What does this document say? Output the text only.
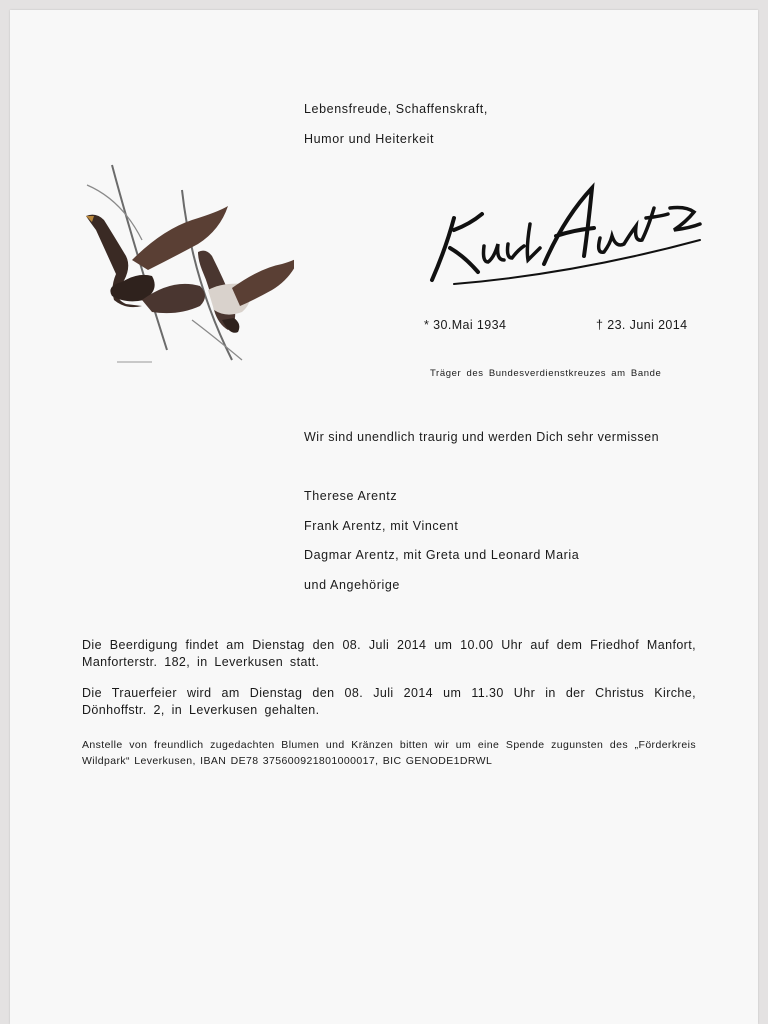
Lebensfreude, Schaffenskraft,
Humor und Heiterkeit
* 30.Mai 1934	† 23. Juni 2014
Träger des Bundesverdienstkreuzes am Bande
Wir sind unendlich traurig und werden Dich sehr vermissen
Therese Arentz
Frank Arentz, mit Vincent
Dagmar Arentz, mit Greta und Leonard Maria
und Angehörige
Die Beerdigung findet am Dienstag den 08. Juli 2014 um 10.00 Uhr auf dem Friedhof Manfort, Manforterstr. 182, in Leverkusen statt.
Die Trauerfeier wird am Dienstag den 08. Juli 2014 um 11.30 Uhr in der Christus Kirche, Dönhoffstr. 2, in Leverkusen gehalten.
Anstelle von freundlich zugedachten Blumen und Kränzen bitten wir um eine Spende zugunsten des „Förderkreis Wildpark“ Leverkusen, IBAN DE78 375600921801000017, BIC GENODE1DRWL
